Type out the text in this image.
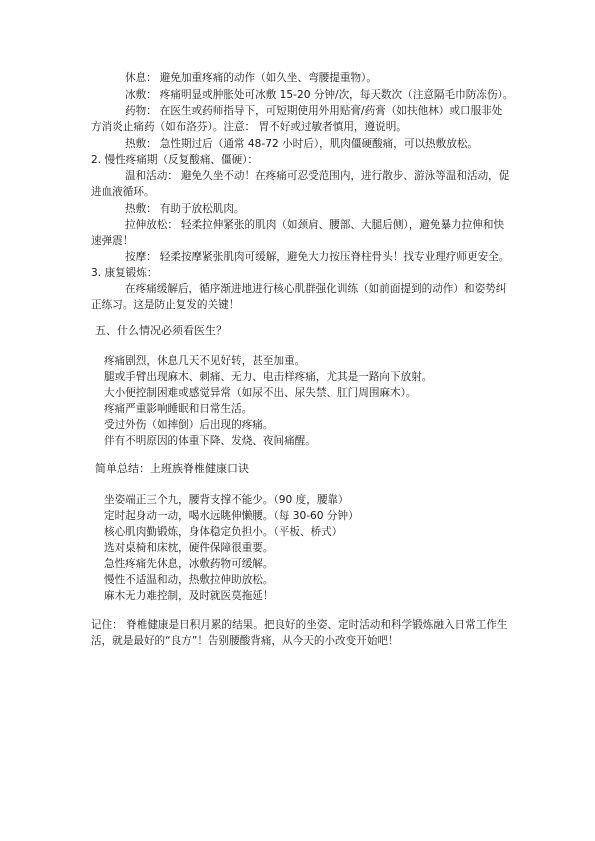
休息： 避免加重疼痛的动作（如久坐、弯腰提重物）。
冰敷： 疼痛明显或肿胀处可冰敷 15-20 分钟/次，每天数次（注意隔毛巾防冻伤）。
药物： 在医生或药师指导下，可短期使用外用贴膏/药膏（如扶他林）或口服非处
方消炎止痛药（如布洛芬）。注意： 胃不好或过敏者慎用，遵说明。
热敷： 急性期过后（通常 48-72 小时后），肌肉僵硬酸痛，可以热敷放松。
2. 慢性疼痛期（反复酸痛、僵硬）：
温和活动： 避免久坐不动！在疼痛可忍受范围内，进行散步、游泳等温和活动，促
进血液循环。
热敷： 有助于放松肌肉。
拉伸放松： 轻柔拉伸紧张的肌肉（如颈肩、腰部、大腿后侧），避免暴力拉伸和快
速弹震！
按摩： 轻柔按摩紧张肌肉可缓解，避免大力按压脊柱骨头！找专业理疗师更安全。
3. 康复锻炼：
在疼痛缓解后，循序渐进地进行核心肌群强化训练（如前面提到的动作）和姿势纠
正练习。这是防止复发的关键！
五、什么情况必须看医生？
疼痛剧烈，休息几天不见好转，甚至加重。
腿或手臂出现麻木、刺痛、无力、电击样疼痛，尤其是一路向下放射。
大小便控制困难或感觉异常（如尿不出、尿失禁、肛门周围麻木）。
疼痛严重影响睡眠和日常生活。
受过外伤（如摔倒）后出现的疼痛。
伴有不明原因的体重下降、发烧、夜间痛醒。
简单总结：上班族脊椎健康口诀
坐姿端正三个九，腰背支撑不能少。（90 度，腰靠）
定时起身动一动，喝水远眺伸懒腰。（每 30-60 分钟）
核心肌肉勤锻炼，身体稳定负担小。（平板、桥式）
选对桌椅和床枕，硬件保障很重要。
急性疼痛先休息，冰敷药物可缓解。
慢性不适温和动，热敷拉伸助放松。
麻木无力难控制，及时就医莫拖延！
记住： 脊椎健康是日积月累的结果。把良好的坐姿、定时活动和科学锻炼融入日常工作生
活，就是最好的“良方”！告别腰酸背痛，从今天的小改变开始吧！
